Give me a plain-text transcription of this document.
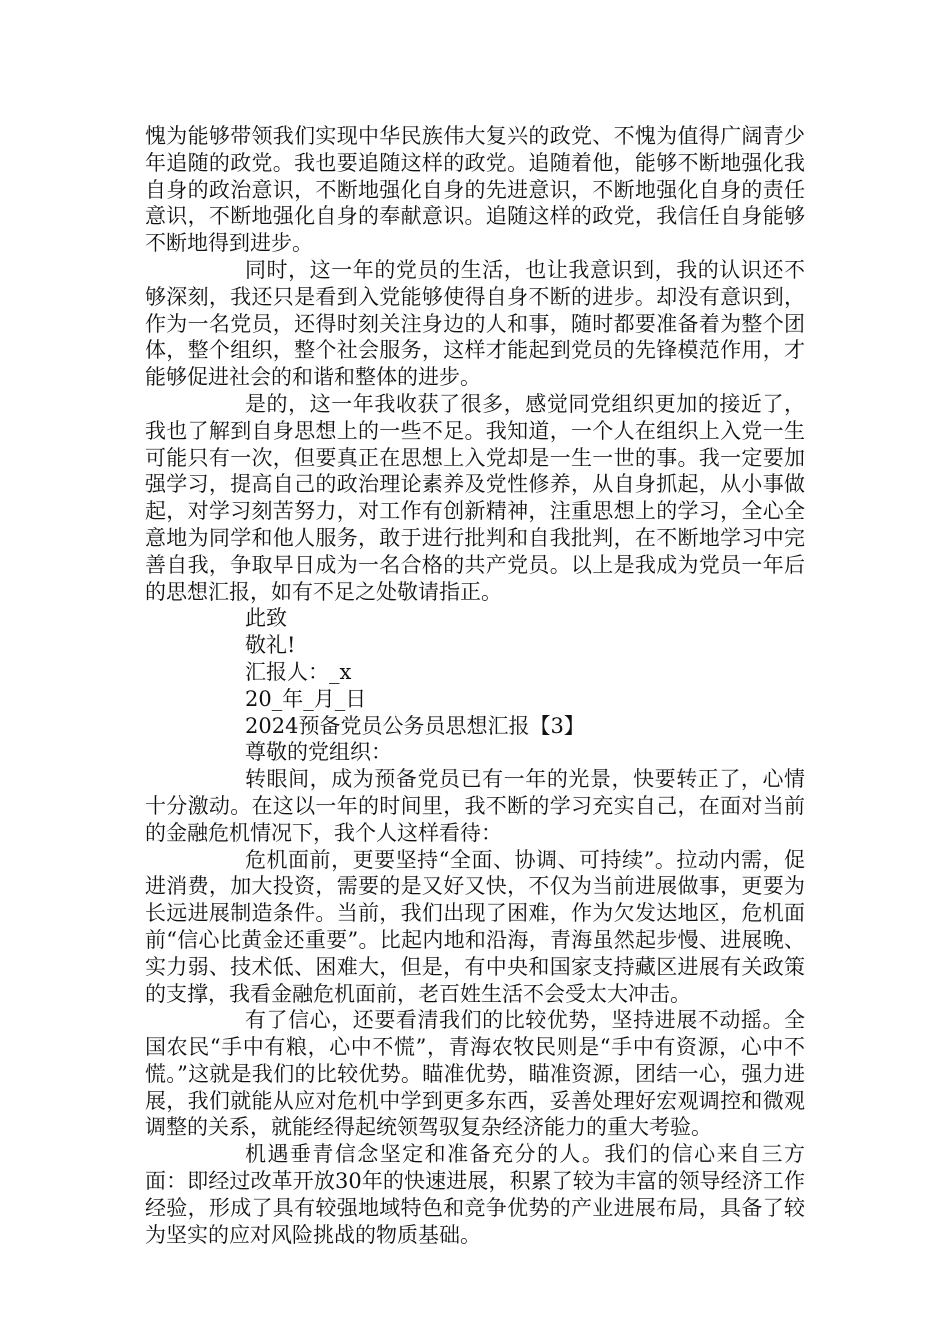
愧为能够带领我们实现中华民族伟大复兴的政党、不愧为值得广阔青少年追随的政党。我也要追随这样的政党。追随着他，能够不断地强化我自身的政治意识，不断地强化自身的先进意识，不断地强化自身的责任意识，不断地强化自身的奉献意识。追随这样的政党，我信任自身能够不断地得到进步。

同时，这一年的党员的生活，也让我意识到，我的认识还不够深刻，我还只是看到入党能够使得自身不断的进步。却没有意识到，作为一名党员，还得时刻关注身边的人和事，随时都要准备着为整个团体，整个组织，整个社会服务，这样才能起到党员的先锋模范作用，才能够促进社会的和谐和整体的进步。

是的，这一年我收获了很多，感觉同党组织更加的接近了，我也了解到自身思想上的一些不足。我知道，一个人在组织上入党一生可能只有一次，但要真正在思想上入党却是一生一世的事。我一定要加强学习，提高自己的政治理论素养及党性修养，从自身抓起，从小事做起，对学习刻苦努力，对工作有创新精神，注重思想上的学习，全心全意地为同学和他人服务，敢于进行批判和自我批判，在不断地学习中完善自我，争取早日成为一名合格的共产党员。以上是我成为党员一年后的思想汇报，如有不足之处敬请指正。

此致

敬礼!

汇报人：_x

20_年_月_日

2024预备党员公务员思想汇报【3】

尊敬的党组织：

转眼间，成为预备党员已有一年的光景，快要转正了，心情十分激动。在这以一年的时间里，我不断的学习充实自己，在面对当前的金融危机情况下，我个人这样看待：

危机面前，更要坚持“全面、协调、可持续”。拉动内需，促进消费，加大投资，需要的是又好又快，不仅为当前进展做事，更要为长远进展制造条件。当前，我们出现了困难，作为欠发达地区，危机面前“信心比黄金还重要”。比起内地和沿海，青海虽然起步慢、进展晚、实力弱、技术低、困难大，但是，有中央和国家支持藏区进展有关政策的支撑，我看金融危机面前，老百姓生活不会受太大冲击。

有了信心，还要看清我们的比较优势，坚持进展不动摇。全国农民“手中有粮，心中不慌”，青海农牧民则是“手中有资源，心中不慌。”这就是我们的比较优势。瞄准优势，瞄准资源，团结一心，强力进展，我们就能从应对危机中学到更多东西，妥善处理好宏观调控和微观调整的关系，就能经得起统领驾驭复杂经济能力的重大考验。

机遇垂青信念坚定和准备充分的人。我们的信心来自三方面：即经过改革开放30年的快速进展，积累了较为丰富的领导经济工作经验，形成了具有较强地域特色和竞争优势的产业进展布局，具备了较为坚实的应对风险挑战的物质基础。
